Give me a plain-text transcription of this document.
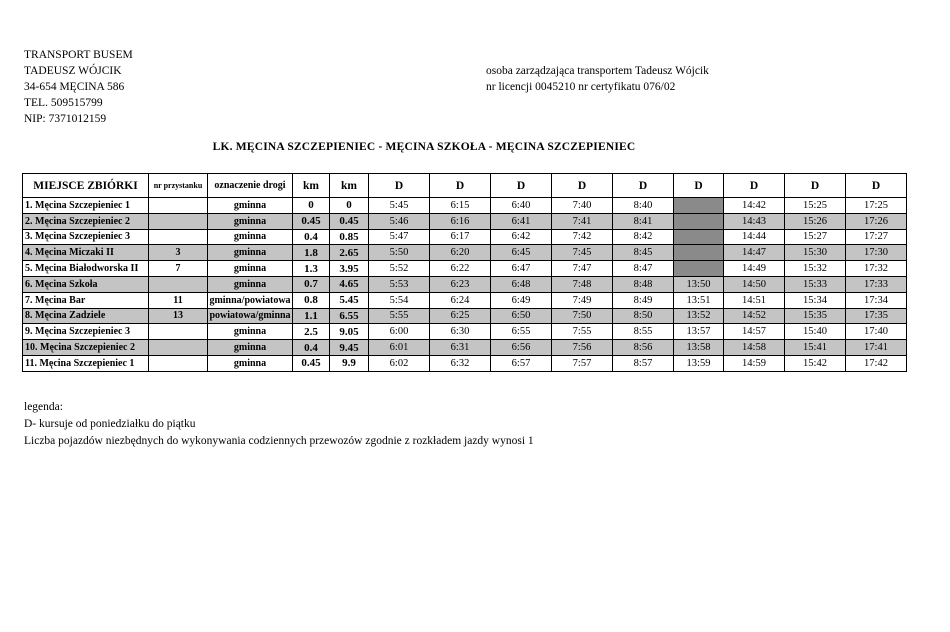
TRANSPORT BUSEM
TADEUSZ WÓJCIK
34-654 MĘCINA 586
TEL. 509515799
NIP: 7371012159
osoba zarządzająca transportem Tadeusz Wójcik
nr licencji 0045210 nr certyfikatu 076/02
LK. MĘCINA SZCZEPIENIEC - MĘCINA SZKOŁA - MĘCINA SZCZEPIENIEC
MIEJSCE ZBIÓRKI	nr przystanku	oznaczenie drogi	km	km	D	D	D	D	D	D	D	D	D
1. Męcina Szczepieniec 1		gminna	0	0	5:45	6:15	6:40	7:40	8:40		14:42	15:25	17:25
2. Męcina Szczepieniec 2		gminna	0.45	0.45	5:46	6:16	6:41	7:41	8:41		14:43	15:26	17:26
3. Męcina Szczepieniec 3		gminna	0.4	0.85	5:47	6:17	6:42	7:42	8:42		14:44	15:27	17:27
4. Męcina Miczaki II	3	gminna	1.8	2.65	5:50	6:20	6:45	7:45	8:45		14:47	15:30	17:30
5. Męcina Białodworska II	7	gminna	1.3	3.95	5:52	6:22	6:47	7:47	8:47		14:49	15:32	17:32
6. Męcina Szkoła		gminna	0.7	4.65	5:53	6:23	6:48	7:48	8:48	13:50	14:50	15:33	17:33
7. Męcina Bar	11	gminna/powiatowa	0.8	5.45	5:54	6:24	6:49	7:49	8:49	13:51	14:51	15:34	17:34
8. Męcina Zadziele	13	powiatowa/gminna	1.1	6.55	5:55	6:25	6:50	7:50	8:50	13:52	14:52	15:35	17:35
9. Męcina Szczepieniec 3		gminna	2.5	9.05	6:00	6:30	6:55	7:55	8:55	13:57	14:57	15:40	17:40
10. Męcina Szczepieniec 2		gminna	0.4	9.45	6:01	6:31	6:56	7:56	8:56	13:58	14:58	15:41	17:41
11. Męcina Szczepieniec 1		gminna	0.45	9.9	6:02	6:32	6:57	7:57	8:57	13:59	14:59	15:42	17:42
legenda:
D- kursuje od poniedziałku do piątku
Liczba pojazdów niezbędnych do wykonywania codziennych przewozów zgodnie z rozkładem jazdy wynosi 1
